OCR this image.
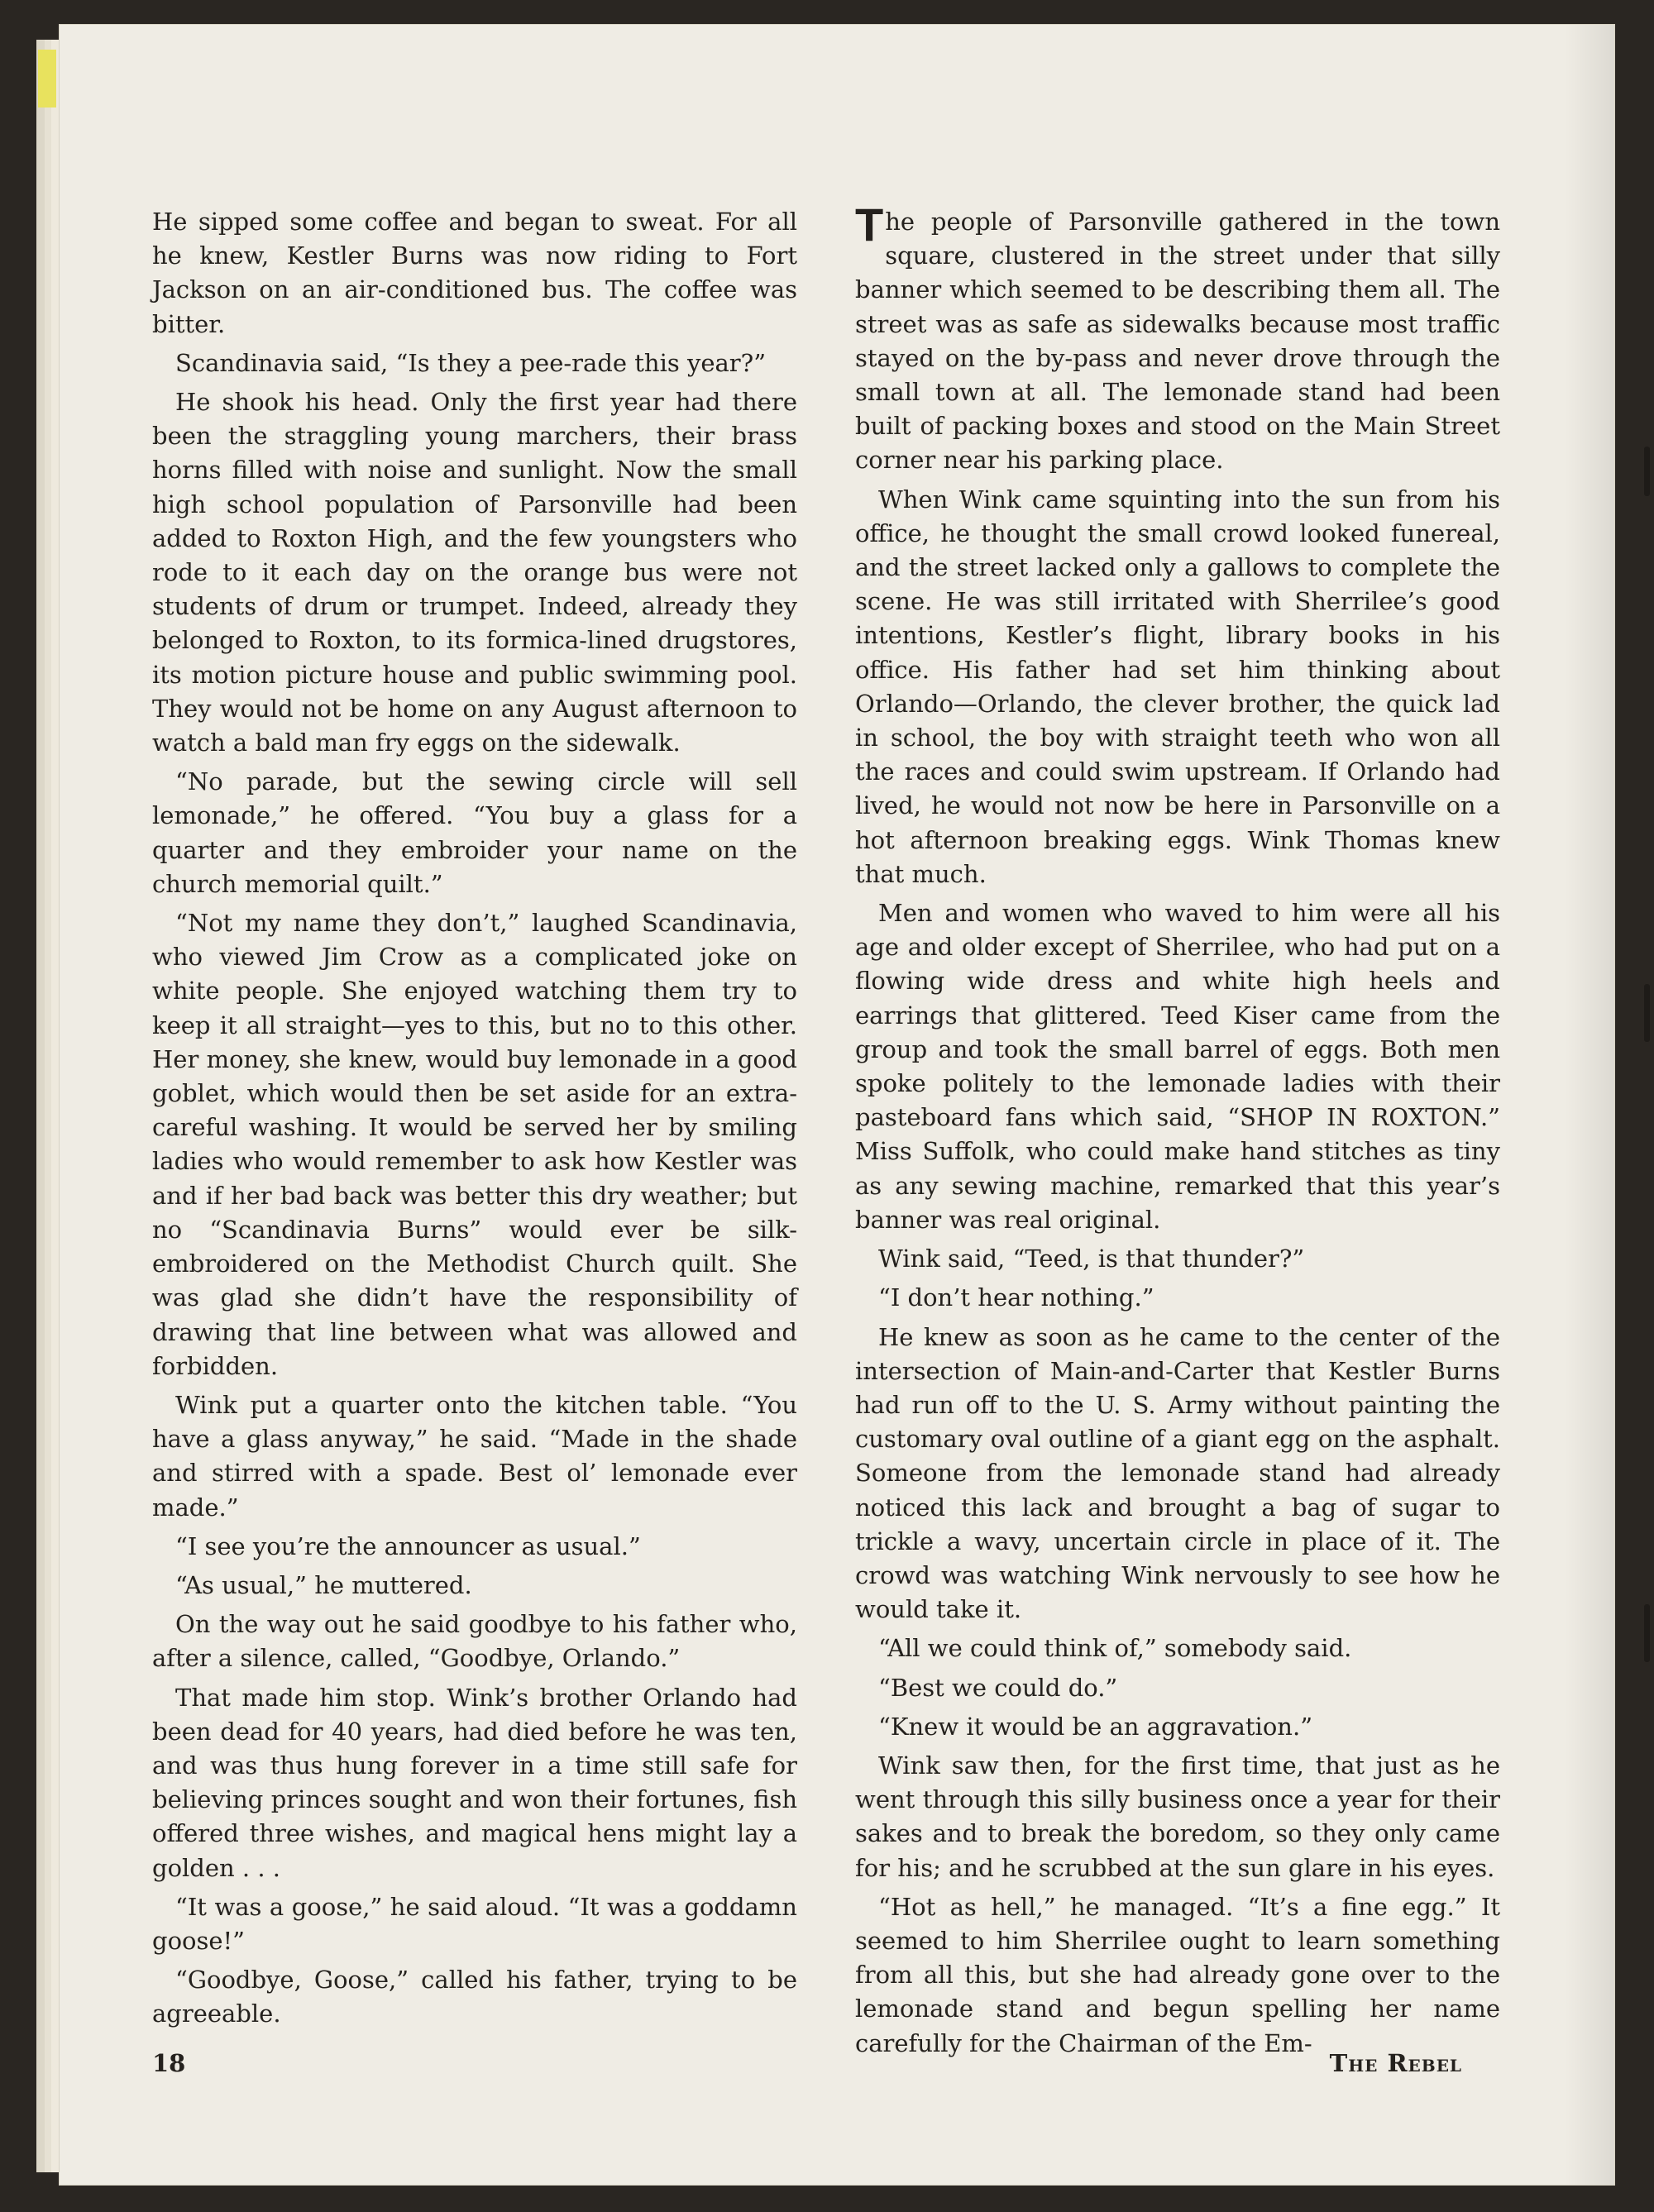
He sipped some coffee and began to sweat. For all he knew, Kestler Burns was now riding to Fort Jackson on an air-conditioned bus. The coffee was bitter.

Scandinavia said, “Is they a pee-rade this year?”

He shook his head. Only the first year had there been the straggling young marchers, their brass horns filled with noise and sunlight. Now the small high school population of Parsonville had been added to Roxton High, and the few youngsters who rode to it each day on the orange bus were not students of drum or trumpet. Indeed, already they belonged to Roxton, to its formica-lined drugstores, its motion picture house and public swimming pool. They would not be home on any August afternoon to watch a bald man fry eggs on the sidewalk.

“No parade, but the sewing circle will sell lemonade,” he offered. “You buy a glass for a quarter and they embroider your name on the church memorial quilt.”

“Not my name they don’t,” laughed Scandinavia, who viewed Jim Crow as a complicated joke on white people. She enjoyed watching them try to keep it all straight—yes to this, but no to this other. Her money, she knew, would buy lemonade in a good goblet, which would then be set aside for an extra-careful washing. It would be served her by smiling ladies who would remember to ask how Kestler was and if her bad back was better this dry weather; but no “Scandinavia Burns” would ever be silk-embroidered on the Methodist Church quilt. She was glad she didn’t have the responsibility of drawing that line between what was allowed and forbidden.

Wink put a quarter onto the kitchen table. “You have a glass anyway,” he said. “Made in the shade and stirred with a spade. Best ol’ lemonade ever made.”

“I see you’re the announcer as usual.”

“As usual,” he muttered.

On the way out he said goodbye to his father who, after a silence, called, “Goodbye, Orlando.”

That made him stop. Wink’s brother Orlando had been dead for 40 years, had died before he was ten, and was thus hung forever in a time still safe for believing princes sought and won their fortunes, fish offered three wishes, and magical hens might lay a golden . . .

“It was a goose,” he said aloud. “It was a goddamn goose!”

“Goodbye, Goose,” called his father, trying to be agreeable.

The people of Parsonville gathered in the town square, clustered in the street under that silly banner which seemed to be describing them all. The street was as safe as sidewalks because most traffic stayed on the by-pass and never drove through the small town at all. The lemonade stand had been built of packing boxes and stood on the Main Street corner near his parking place.

When Wink came squinting into the sun from his office, he thought the small crowd looked funereal, and the street lacked only a gallows to complete the scene. He was still irritated with Sherrilee’s good intentions, Kestler’s flight, library books in his office. His father had set him thinking about Orlando—Orlando, the clever brother, the quick lad in school, the boy with straight teeth who won all the races and could swim upstream. If Orlando had lived, he would not now be here in Parsonville on a hot afternoon breaking eggs. Wink Thomas knew that much.

Men and women who waved to him were all his age and older except of Sherrilee, who had put on a flowing wide dress and white high heels and earrings that glittered. Teed Kiser came from the group and took the small barrel of eggs. Both men spoke politely to the lemonade ladies with their pasteboard fans which said, “SHOP IN ROXTON.” Miss Suffolk, who could make hand stitches as tiny as any sewing machine, remarked that this year’s banner was real original.

Wink said, “Teed, is that thunder?”

“I don’t hear nothing.”

He knew as soon as he came to the center of the intersection of Main-and-Carter that Kestler Burns had run off to the U. S. Army without painting the customary oval outline of a giant egg on the asphalt. Someone from the lemonade stand had already noticed this lack and brought a bag of sugar to trickle a wavy, uncertain circle in place of it. The crowd was watching Wink nervously to see how he would take it.

“All we could think of,” somebody said.

“Best we could do.”

“Knew it would be an aggravation.”

Wink saw then, for the first time, that just as he went through this silly business once a year for their sakes and to break the boredom, so they only came for his; and he scrubbed at the sun glare in his eyes.

“Hot as hell,” he managed. “It’s a fine egg.” It seemed to him Sherrilee ought to learn something from all this, but she had already gone over to the lemonade stand and begun spelling her name carefully for the Chairman of the Em-

18	The Rebel
